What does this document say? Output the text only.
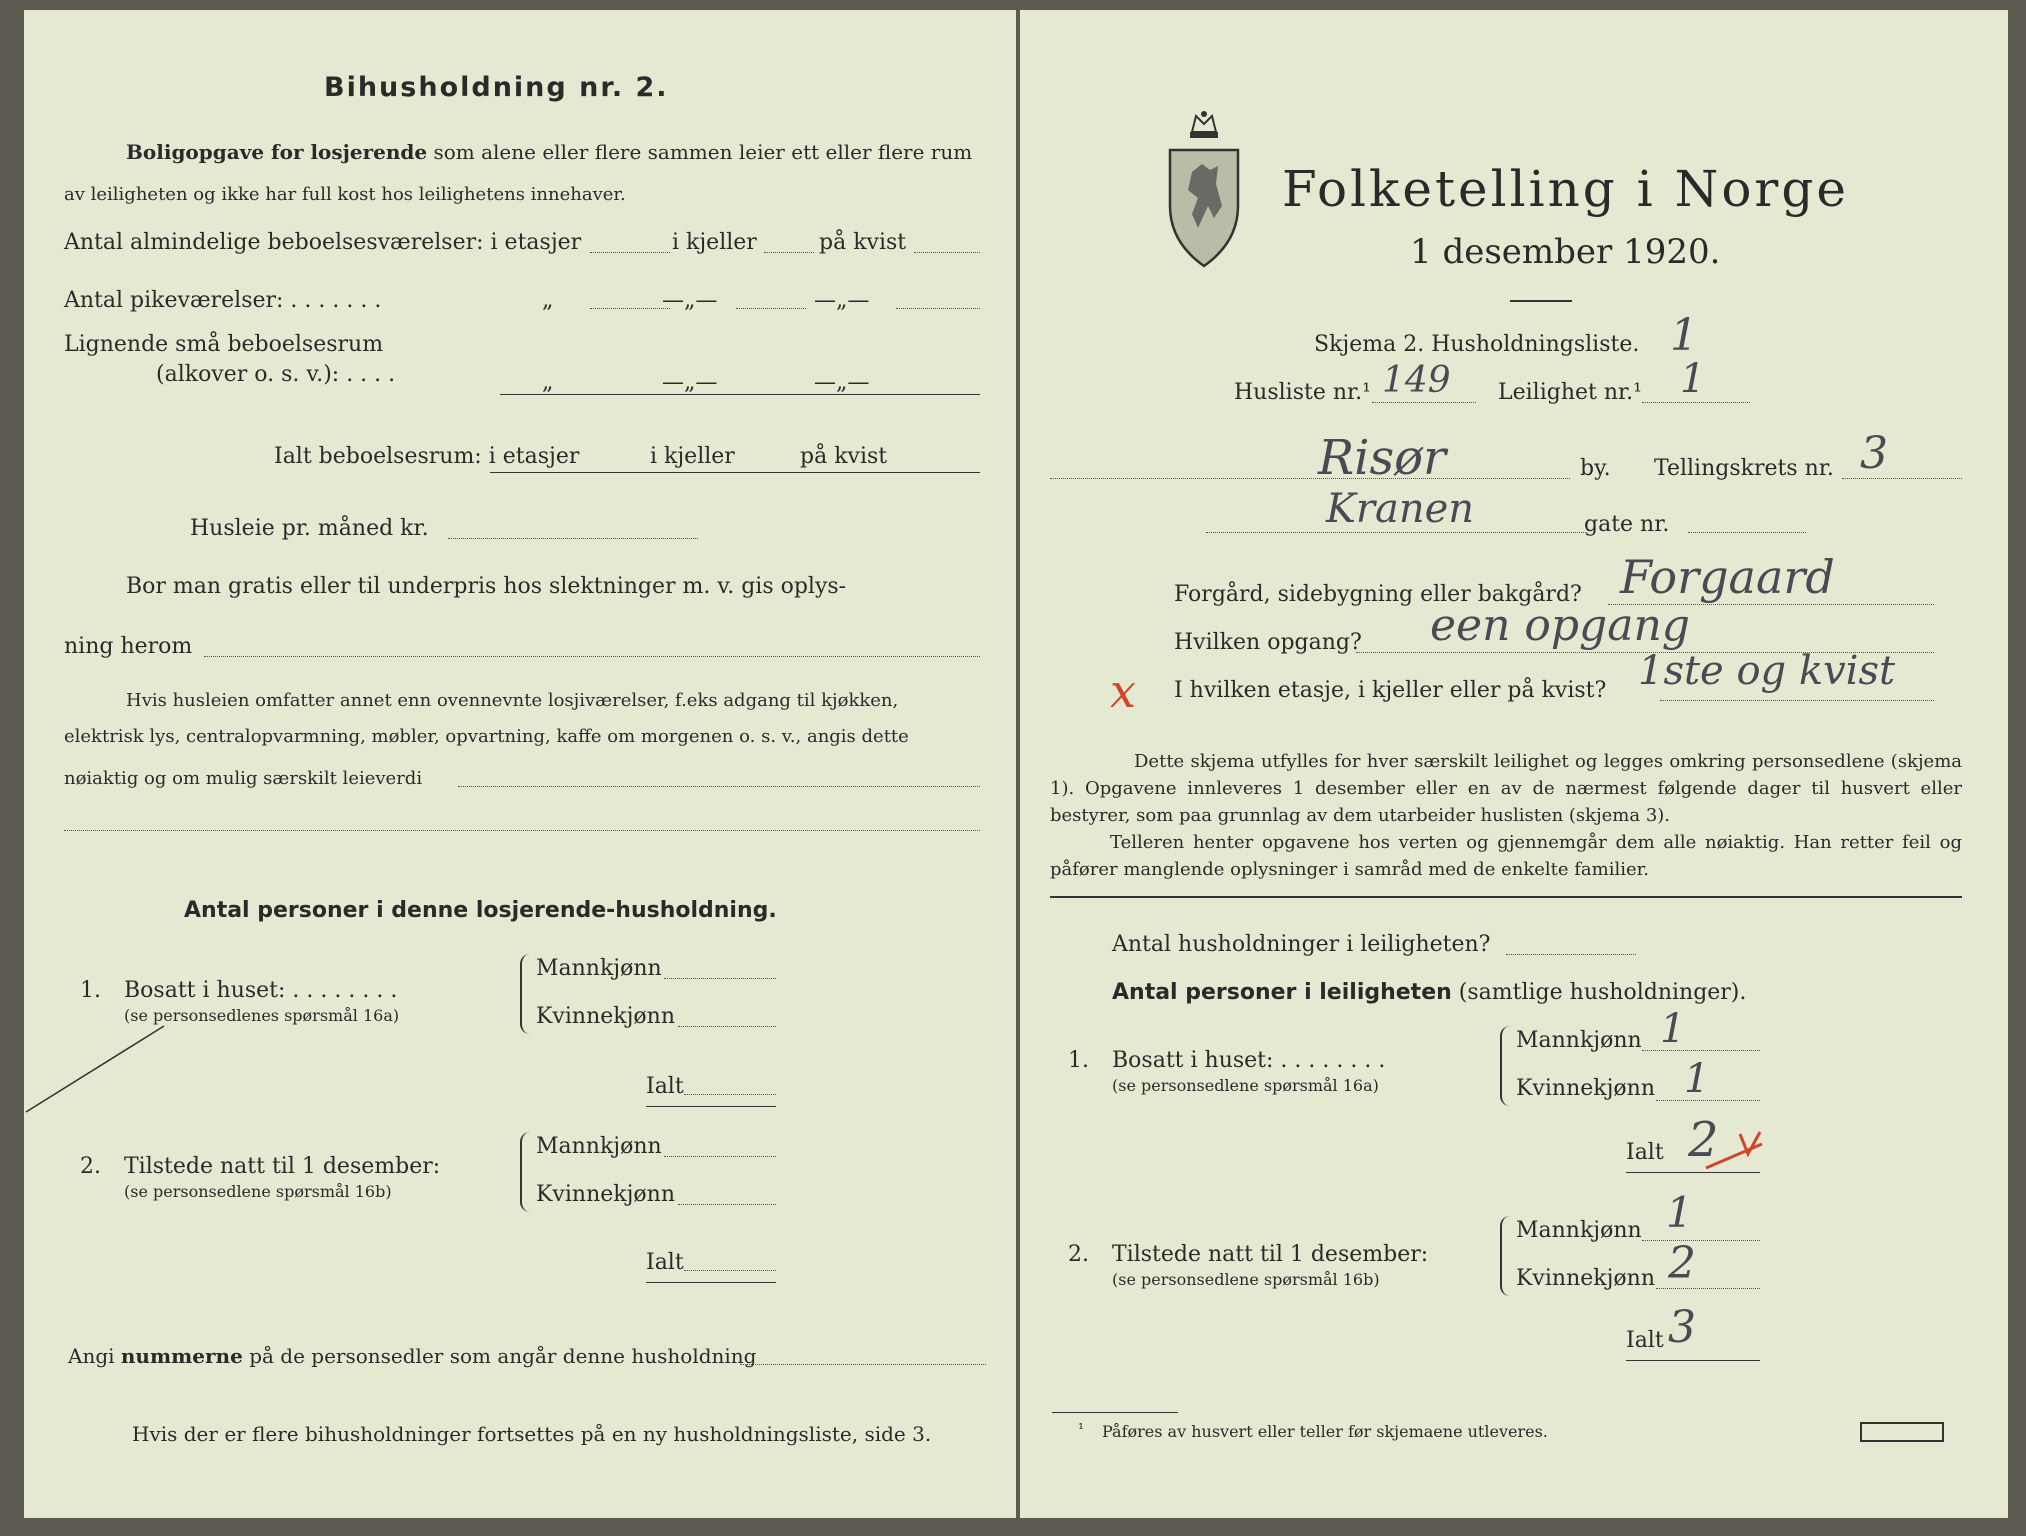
Bihusholdning nr. 2.
Boligopgave for losjerende som alene eller flere sammen leier ett eller flere rum
av leiligheten og ikke har full kost hos leilighetens innehaver.
Antal almindelige beboelsesværelser: i etasjer	i kjeller	på kvist
Antal pikeværelser: . . . . . . .	„	—„—	—„—
Lignende små beboelsesrum
(alkover o. s. v.): . . . .	„	—„—	—„—
Ialt beboelsesrum: i etasjer	i kjeller	på kvist
Husleie pr. måned kr.
Bor man gratis eller til underpris hos slektninger m. v. gis oplys-
ning herom
Hvis husleien omfatter annet enn ovennevnte losjiværelser, f.eks adgang til kjøkken,
elektrisk lys, centralopvarmning, møbler, opvartning, kaffe om morgenen o. s. v., angis dette
nøiaktig og om mulig særskilt leieverdi
Antal personer i denne losjerende-husholdning.
1. Bosatt i huset: . . . . . . . .
(se personsedlenes spørsmål 16a)
Mannkjønn
Kvinnekjønn
Ialt
2. Tilstede natt til 1 desember:
(se personsedlene spørsmål 16b)
Mannkjønn
Kvinnekjønn
Ialt
Angi nummerne på de personsedler som angår denne husholdning
Hvis der er flere bihusholdninger fortsettes på en ny husholdningsliste, side 3.
Folketelling i Norge
1 desember 1920.
Skjema 2. Husholdningsliste. 1
Husliste nr.¹ 149 Leilighet nr.¹ 1
Risør	by. Tellingskrets nr. 3
Kranen	gate nr.
Forgård, sidebygning eller bakgård? Forgaard
Hvilken opgang? een opgang
x I hvilken etasje, i kjeller eller på kvist? 1ste og kvist
Dette skjema utfylles for hver særskilt leilighet og legges omkring personsedlene (skjema 1). Opgavene innleveres 1 desember eller en av de nærmest følgende dager til husvert eller bestyrer, som paa grunnlag av dem utarbeider huslisten (skjema 3).
Telleren henter opgavene hos verten og gjennemgår dem alle nøiaktig. Han retter feil og påfører manglende oplysninger i samråd med de enkelte familier.
Antal husholdninger i leiligheten?
Antal personer i leiligheten (samtlige husholdninger).
1. Bosatt i huset: . . . . . . . .
(se personsedlene spørsmål 16a)
Mannkjønn 1
Kvinnekjønn 1
Ialt 2
2. Tilstede natt til 1 desember:
(se personsedlene spørsmål 16b)
Mannkjønn 1
Kvinnekjønn 2
Ialt 3
¹ Påføres av husvert eller teller før skjemaene utleveres.
